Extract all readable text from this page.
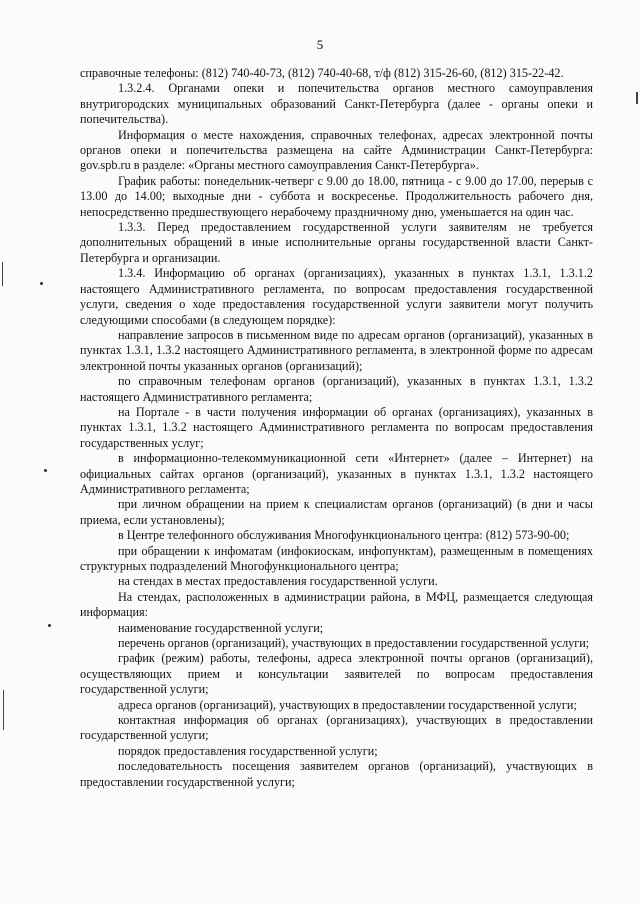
5

справочные телефоны: (812) 740-40-73, (812) 740-40-68, т/ф (812) 315-26-60, (812) 315-22-42.

1.3.2.4. Органами опеки и попечительства органов местного самоуправления внутригородских муниципальных образований Санкт-Петербурга (далее - органы опеки и попечительства).

Информация о месте нахождения, справочных телефонах, адресах электронной почты органов опеки и попечительства размещена на сайте Администрации Санкт-Петербурга: gov.spb.ru в разделе: «Органы местного самоуправления Санкт-Петербурга».

График работы: понедельник-четверг с 9.00 до 18.00, пятница - с 9.00 до 17.00, перерыв с 13.00 до 14.00; выходные дни - суббота и воскресенье. Продолжительность рабочего дня, непосредственно предшествующего нерабочему праздничному дню, уменьшается на один час.

1.3.3. Перед предоставлением государственной услуги заявителям не требуется дополнительных обращений в иные исполнительные органы государственной власти Санкт-Петербурга и организации.

1.3.4. Информацию об органах (организациях), указанных в пунктах 1.3.1, 1.3.1.2 настоящего Административного регламента, по вопросам предоставления государственной услуги, сведения о ходе предоставления государственной услуги заявители могут получить следующими способами (в следующем порядке):

направление запросов в письменном виде по адресам органов (организаций), указанных в пунктах 1.3.1, 1.3.2 настоящего Административного регламента, в электронной форме по адресам электронной почты указанных органов (организаций);

по справочным телефонам органов (организаций), указанных в пунктах 1.3.1, 1.3.2 настоящего Административного регламента;

на Портале - в части получения информации об органах (организациях), указанных в пунктах 1.3.1, 1.3.2 настоящего Административного регламента по вопросам предоставления государственных услуг;

в информационно-телекоммуникационной сети «Интернет» (далее – Интернет) на официальных сайтах органов (организаций), указанных в пунктах 1.3.1, 1.3.2 настоящего Административного регламента;

при личном обращении на прием к специалистам органов (организаций) (в дни и часы приема, если установлены);

в Центре телефонного обслуживания Многофункционального центра: (812) 573-90-00;

при обращении к инфоматам (инфокиоскам, инфопунктам), размещенным в помещениях структурных подразделений Многофункционального центра;

на стендах в местах предоставления государственной услуги.

На стендах, расположенных в администрации района, в МФЦ, размещается следующая информация:

наименование государственной услуги;

перечень органов (организаций), участвующих в предоставлении государственной услуги;

график (режим) работы, телефоны, адреса электронной почты органов (организаций), осуществляющих прием и консультации заявителей по вопросам предоставления государственной услуги;

адреса органов (организаций), участвующих в предоставлении государственной услуги;

контактная информация об органах (организациях), участвующих в предоставлении государственной услуги;

порядок предоставления государственной услуги;

последовательность посещения заявителем органов (организаций), участвующих в предоставлении государственной услуги;
